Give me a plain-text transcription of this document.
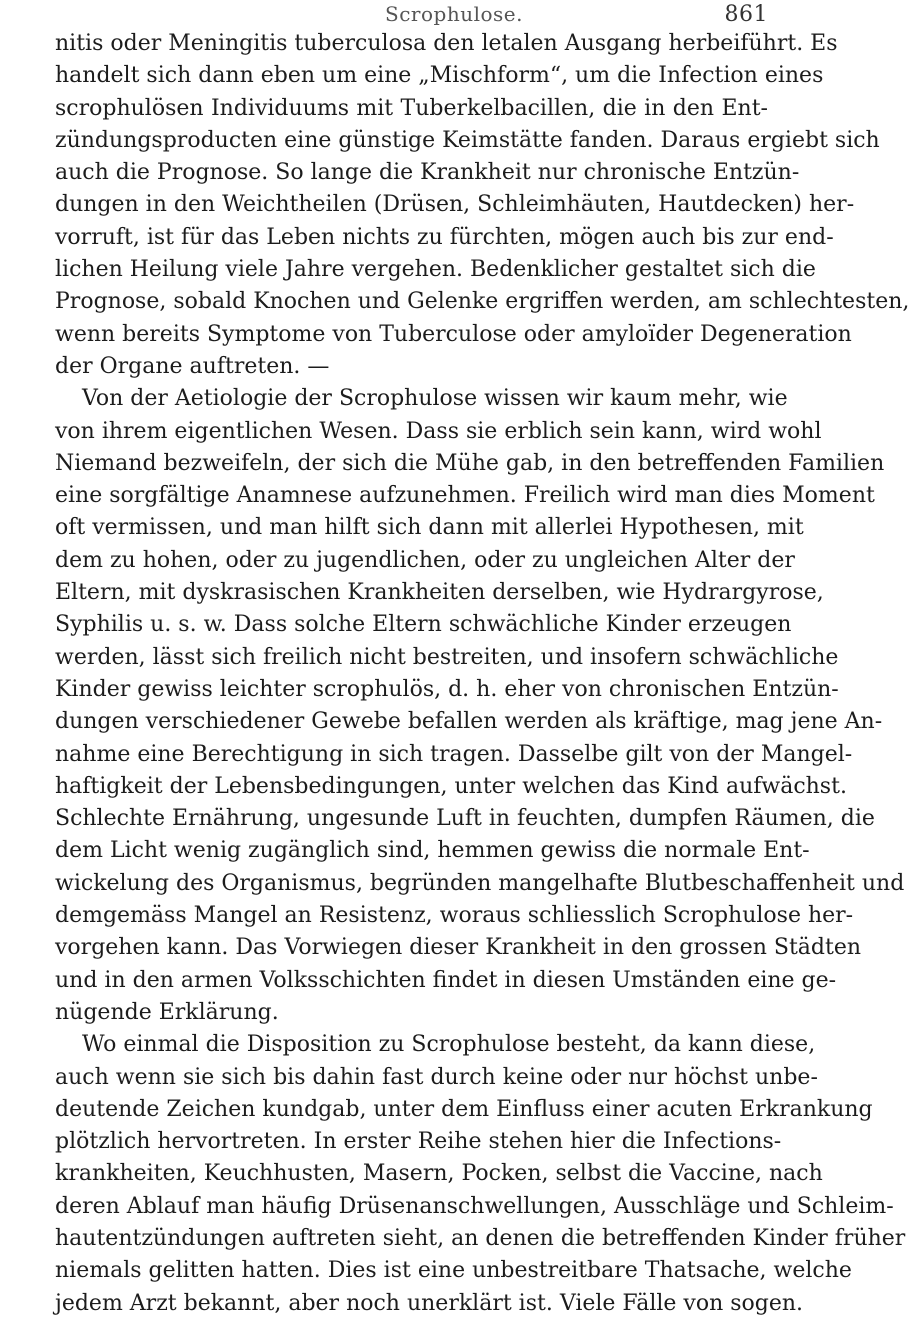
Scrophulose.	861
nitis oder Meningitis tuberculosa den letalen Ausgang herbeiführt. Es
handelt sich dann eben um eine „Mischform“, um die Infection eines
scrophulösen Individuums mit Tuberkelbacillen, die in den Ent-
zündungsproducten eine günstige Keimstätte fanden. Daraus ergiebt sich
auch die Prognose. So lange die Krankheit nur chronische Entzün-
dungen in den Weichtheilen (Drüsen, Schleimhäuten, Hautdecken) her-
vorruft, ist für das Leben nichts zu fürchten, mögen auch bis zur end-
lichen Heilung viele Jahre vergehen. Bedenklicher gestaltet sich die
Prognose, sobald Knochen und Gelenke ergriffen werden, am schlechtesten,
wenn bereits Symptome von Tuberculose oder amyloïder Degeneration
der Organe auftreten. —
Von der Aetiologie der Scrophulose wissen wir kaum mehr, wie
von ihrem eigentlichen Wesen. Dass sie erblich sein kann, wird wohl
Niemand bezweifeln, der sich die Mühe gab, in den betreffenden Familien
eine sorgfältige Anamnese aufzunehmen. Freilich wird man dies Moment
oft vermissen, und man hilft sich dann mit allerlei Hypothesen, mit
dem zu hohen, oder zu jugendlichen, oder zu ungleichen Alter der
Eltern, mit dyskrasischen Krankheiten derselben, wie Hydrargyrose,
Syphilis u. s. w. Dass solche Eltern schwächliche Kinder erzeugen
werden, lässt sich freilich nicht bestreiten, und insofern schwächliche
Kinder gewiss leichter scrophulös, d. h. eher von chronischen Entzün-
dungen verschiedener Gewebe befallen werden als kräftige, mag jene An-
nahme eine Berechtigung in sich tragen. Dasselbe gilt von der Mangel-
haftigkeit der Lebensbedingungen, unter welchen das Kind aufwächst.
Schlechte Ernährung, ungesunde Luft in feuchten, dumpfen Räumen, die
dem Licht wenig zugänglich sind, hemmen gewiss die normale Ent-
wickelung des Organismus, begründen mangelhafte Blutbeschaffenheit und
demgemäss Mangel an Resistenz, woraus schliesslich Scrophulose her-
vorgehen kann. Das Vorwiegen dieser Krankheit in den grossen Städten
und in den armen Volksschichten findet in diesen Umständen eine ge-
nügende Erklärung.
Wo einmal die Disposition zu Scrophulose besteht, da kann diese,
auch wenn sie sich bis dahin fast durch keine oder nur höchst unbe-
deutende Zeichen kundgab, unter dem Einfluss einer acuten Erkrankung
plötzlich hervortreten. In erster Reihe stehen hier die Infections-
krankheiten, Keuchhusten, Masern, Pocken, selbst die Vaccine, nach
deren Ablauf man häufig Drüsenanschwellungen, Ausschläge und Schleim-
hautentzündungen auftreten sieht, an denen die betreffenden Kinder früher
niemals gelitten hatten. Dies ist eine unbestreitbare Thatsache, welche
jedem Arzt bekannt, aber noch unerklärt ist. Viele Fälle von sogen.
